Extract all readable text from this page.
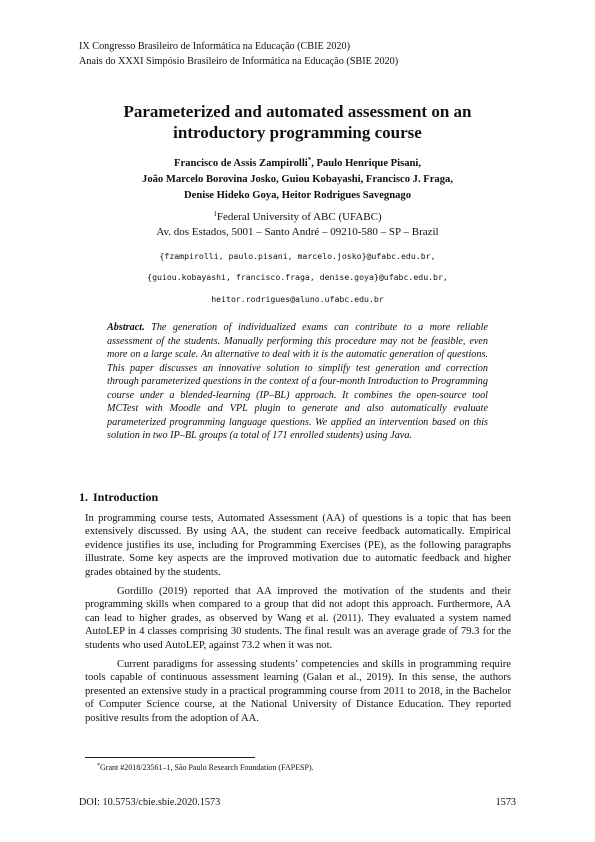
IX Congresso Brasileiro de Informática na Educação (CBIE 2020)
Anais do XXXI Simpósio Brasileiro de Informática na Educação (SBIE 2020)
Parameterized and automated assessment on an
introductory programming course
Francisco de Assis Zampirolli*, Paulo Henrique Pisani,
João Marcelo Borovina Josko, Guiou Kobayashi, Francisco J. Fraga,
Denise Hideko Goya, Heitor Rodrigues Savegnago
$^1$Federal University of ABC (UFABC)
Av. dos Estados, 5001 – Santo André – 09210-580 – SP – Brazil
{fzampirolli, paulo.pisani, marcelo.josko}@ufabc.edu.br,
{guiou.kobayashi, francisco.fraga, denise.goya}@ufabc.edu.br,
heitor.rodrigues@aluno.ufabc.edu.br
Abstract. The generation of individualized exams can contribute to a more reliable assessment of the students. Manually performing this procedure may not be feasible, even more on a large scale. An alternative to deal with it is the automatic generation of questions. This paper discusses an innovative solution to simplify test generation and correction through parameterized questions in the context of a four-month Introduction to Programming course under a blended-learning (IP–BL) approach. It combines the open-source tool MCTest with Moodle and VPL plugin to generate and also automatically evaluate parameterized programming language questions. We applied an intervention based on this solution in two IP–BL groups (a total of 171 enrolled students) using Java.
1. Introduction

In programming course tests, Automated Assessment (AA) of questions is a topic that has been extensively discussed. By using AA, the student can receive feedback automatically. Empirical evidence justifies its use, including for Programming Exercises (PE), as the following paragraphs illustrate. Some key aspects are the improved motivation due to automatic feedback and higher grades obtained by the students.

Gordillo (2019) reported that AA improved the motivation of the students and their programming skills when compared to a group that did not adopt this approach. Furthermore, AA can lead to higher grades, as observed by Wang et al. (2011). They evaluated a system named AutoLEP in 4 classes comprising 30 students. The final result was an average grade of 79.3 for the students who used AutoLEP, against 73.2 when it was not.

Current paradigms for assessing students’ competencies and skills in programming require tools capable of continuous assessment learning (Galan et al., 2019). In this sense, the authors presented an extensive study in a practical programming course from 2011 to 2018, in the Bachelor of Computer Science course, at the National University of Distance Education. They reported positive results from the adoption of AA.

*Grant #2018/23561–1, São Paulo Research Foundation (FAPESP).
DOI: 10.5753/cbie.sbie.2020.1573	1573
